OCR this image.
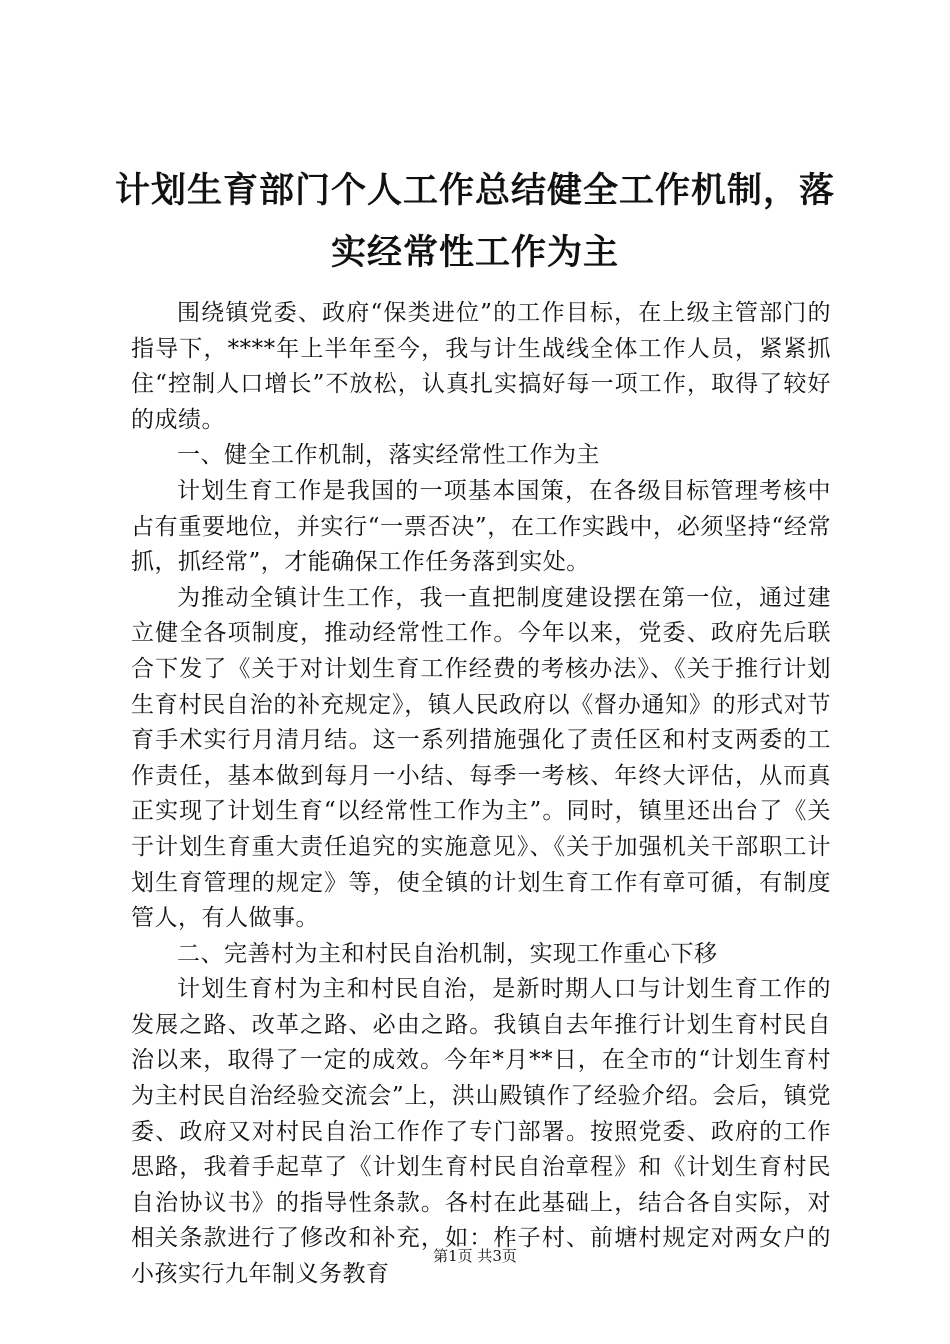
计划生育部门个人工作总结健全工作机制，落实经常性工作为主

围绕镇党委、政府“保类进位”的工作目标，在上级主管部门的指导下，****年上半年至今，我与计生战线全体工作人员，紧紧抓住“控制人口增长”不放松，认真扎实搞好每一项工作，取得了较好的成绩。

一、健全工作机制，落实经常性工作为主

计划生育工作是我国的一项基本国策，在各级目标管理考核中占有重要地位，并实行“一票否决”，在工作实践中，必须坚持“经常抓，抓经常”，才能确保工作任务落到实处。

为推动全镇计生工作，我一直把制度建设摆在第一位，通过建立健全各项制度，推动经常性工作。今年以来，党委、政府先后联合下发了《关于对计划生育工作经费的考核办法》、《关于推行计划生育村民自治的补充规定》，镇人民政府以《督办通知》的形式对节育手术实行月清月结。这一系列措施强化了责任区和村支两委的工作责任，基本做到每月一小结、每季一考核、年终大评估，从而真正实现了计划生育“以经常性工作为主”。同时，镇里还出台了《关于计划生育重大责任追究的实施意见》、《关于加强机关干部职工计划生育管理的规定》等，使全镇的计划生育工作有章可循，有制度管人，有人做事。

二、完善村为主和村民自治机制，实现工作重心下移

计划生育村为主和村民自治，是新时期人口与计划生育工作的发展之路、改革之路、必由之路。我镇自去年推行计划生育村民自治以来，取得了一定的成效。今年*月**日，在全市的“计划生育村为主村民自治经验交流会”上，洪山殿镇作了经验介绍。会后，镇党委、政府又对村民自治工作作了专门部署。按照党委、政府的工作思路，我着手起草了《计划生育村民自治章程》和《计划生育村民自治协议书》的指导性条款。各村在此基础上，结合各自实际，对相关条款进行了修改和补充，如：柞子村、前塘村规定对两女户的小孩实行九年制义务教育

第1页 共3页
